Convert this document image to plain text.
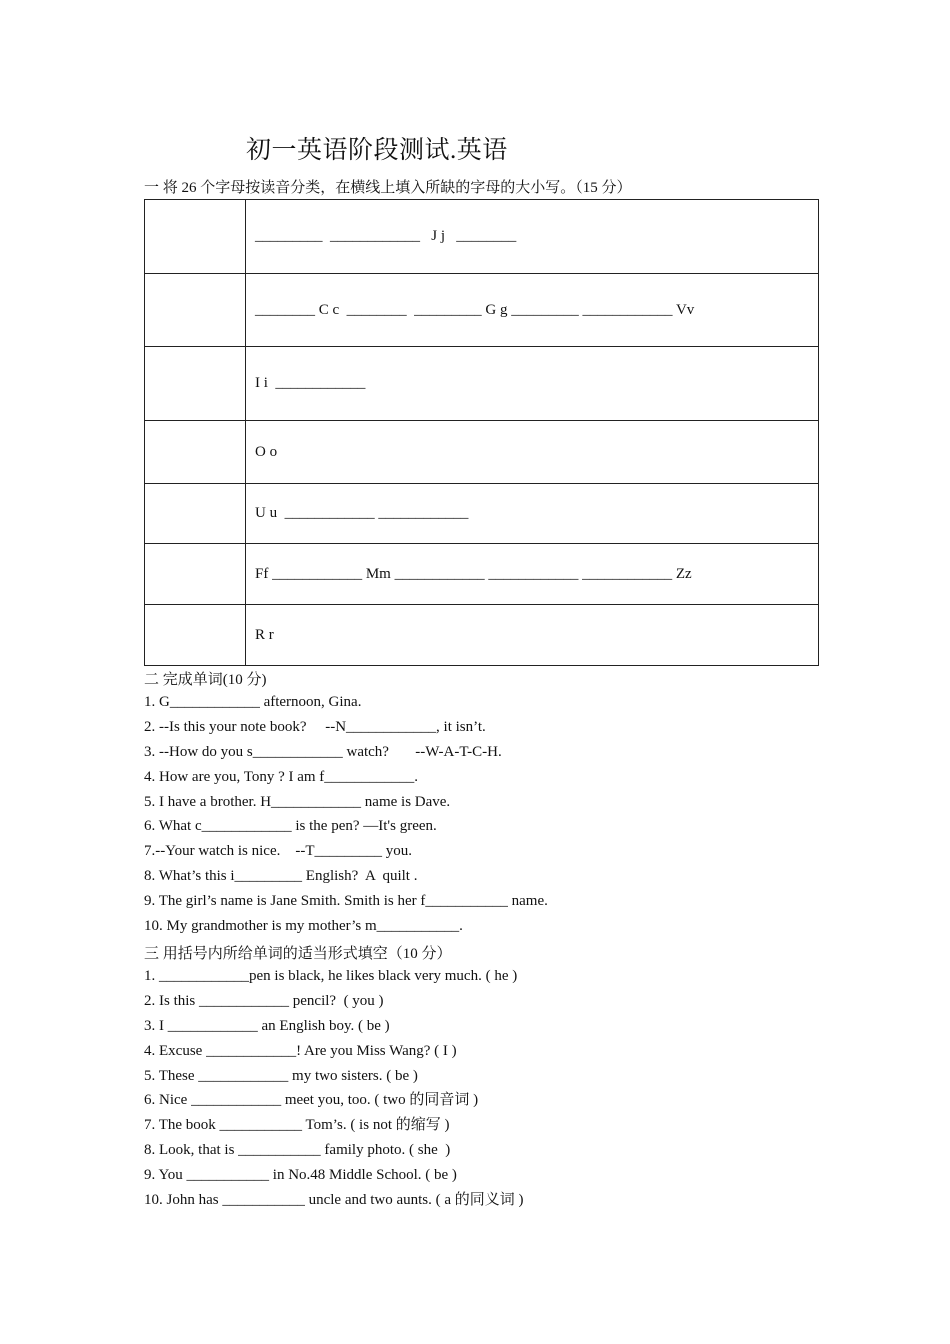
初一英语阶段测试.英语
一 将 26 个字母按读音分类，在横线上填入所缺的字母的大小写。（15 分）
	_________  ____________   J j   ________
	________ C c  ________  _________ G g _________ ____________ Vv
	I i  ____________
	O o
	U u  ____________ ____________
	Ff ____________ Mm ____________ ____________ ____________ Zz
	R r
二 完成单词(10 分)
1. G____________ afternoon, Gina.
2. --Is this your note book?     --N____________, it isn’t.
3. --How do you s____________ watch?       --W-A-T-C-H.
4. How are you, Tony ? I am f____________.
5. I have a brother. H____________ name is Dave.
6. What c____________ is the pen? —It's green.
7.--Your watch is nice.    --T_________ you.
8. What’s this i_________ English?  A  quilt .
9. The girl’s name is Jane Smith. Smith is her f___________ name.
10. My grandmother is my mother’s m___________.
三 用括号内所给单词的适当形式填空（10 分）
1. ____________pen is black, he likes black very much. ( he )
2. Is this ____________ pencil?  ( you )
3. I ____________ an English boy. ( be )
4. Excuse ____________! Are you Miss Wang? ( I )
5. These ____________ my two sisters. ( be )
6. Nice ____________ meet you, too. ( two 的同音词 )
7. The book ___________ Tom’s. ( is not 的缩写 )
8. Look, that is ___________ family photo. ( she  )
9. You ___________ in No.48 Middle School. ( be )
10. John has ___________ uncle and two aunts. ( a 的同义词 )
